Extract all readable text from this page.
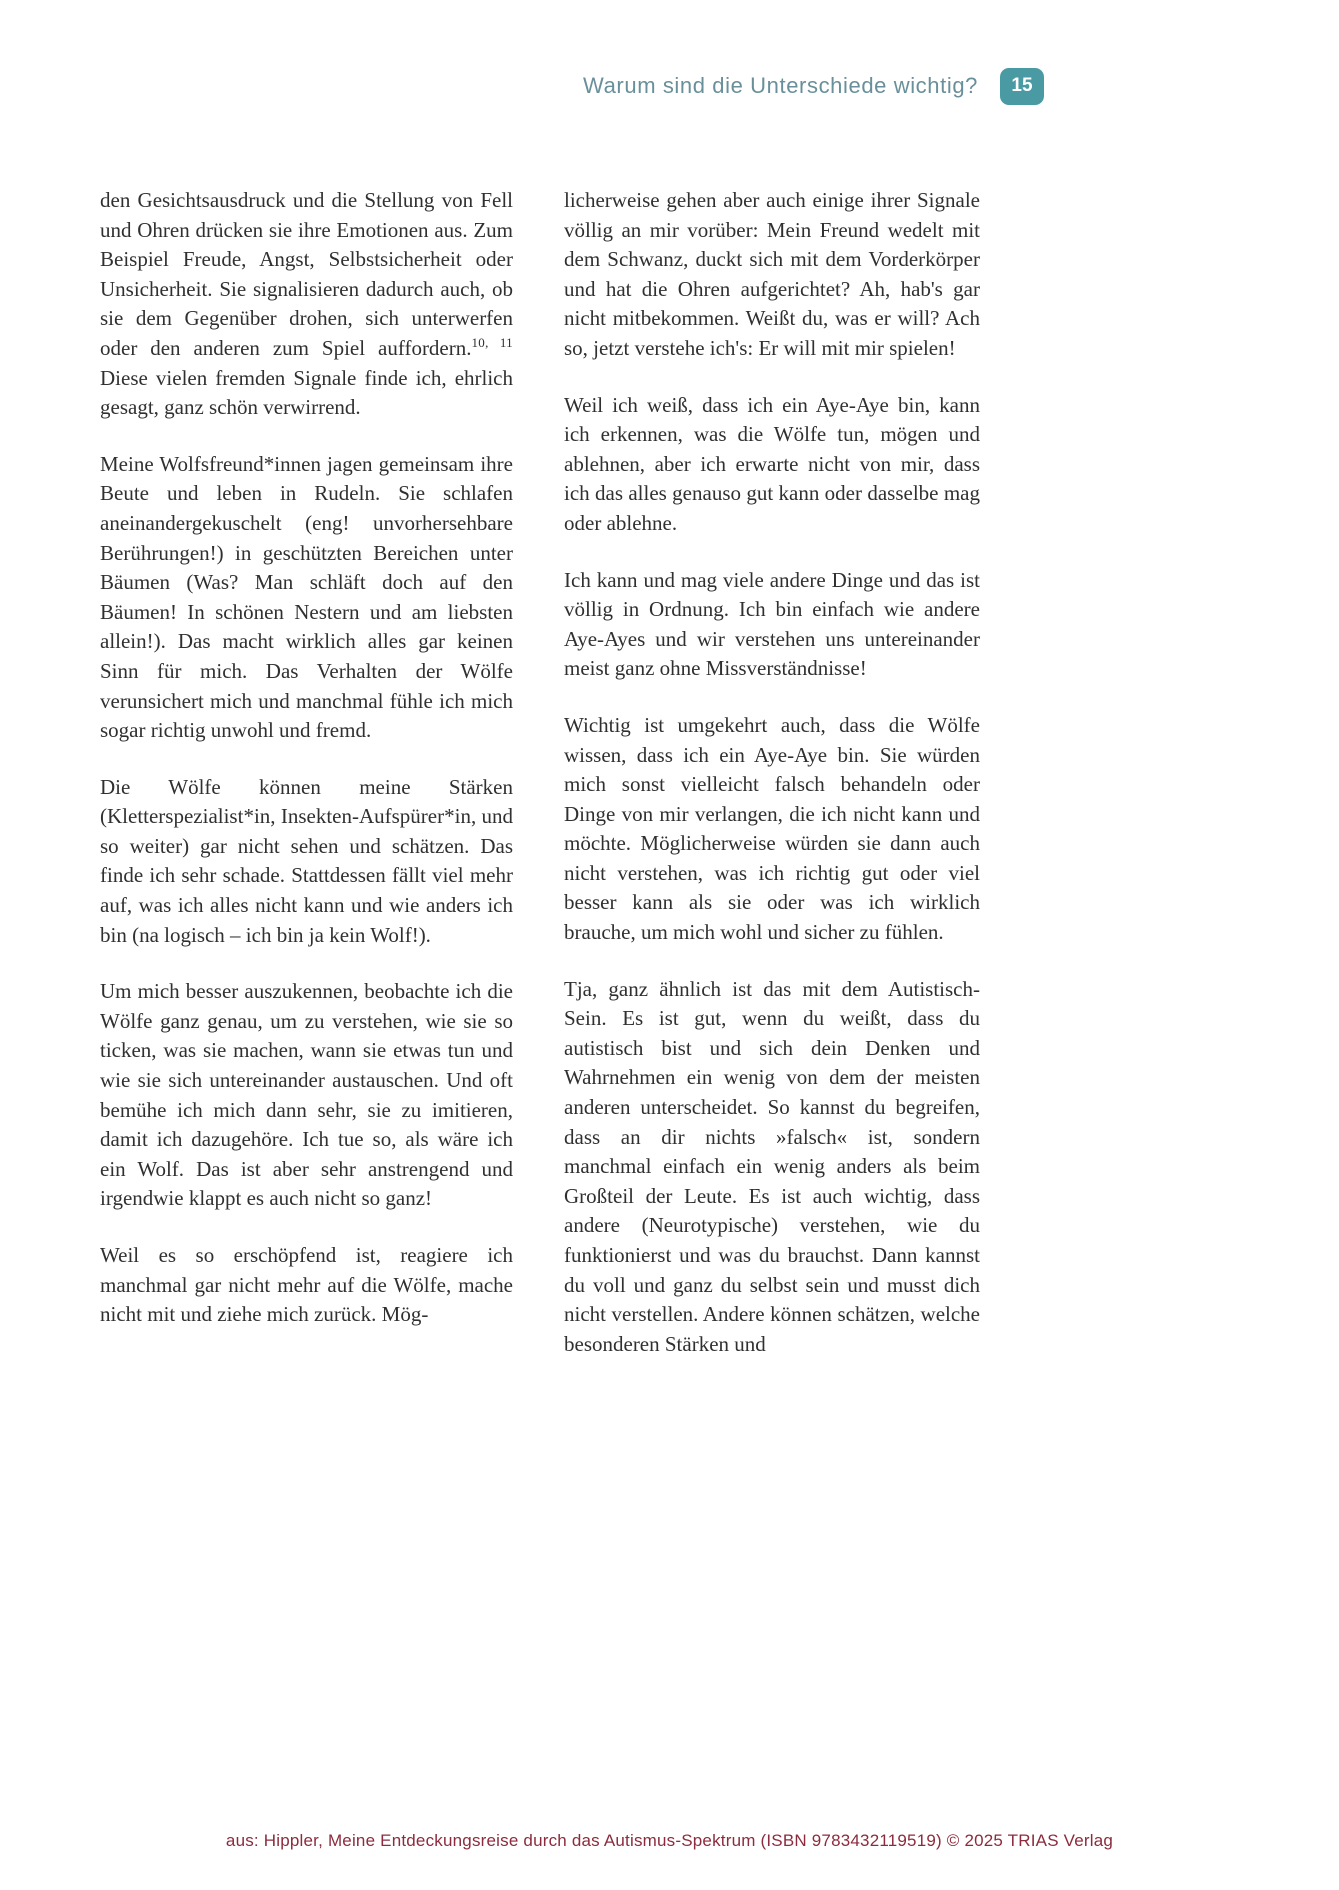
Warum sind die Unterschiede wichtig? 15

den Gesichtsausdruck und die Stellung von Fell und Ohren drücken sie ihre Emotionen aus. Zum Beispiel Freude, Angst, Selbstsicherheit oder Unsicherheit. Sie signalisieren dadurch auch, ob sie dem Gegenüber drohen, sich unterwerfen oder den anderen zum Spiel auffordern.$^{10, 11}$ Diese vielen fremden Signale finde ich, ehrlich gesagt, ganz schön verwirrend.

Meine Wolfsfreund*innen jagen gemeinsam ihre Beute und leben in Rudeln. Sie schlafen aneinandergekuschelt (eng! unvorhersehbare Berührungen!) in geschützten Bereichen unter Bäumen (Was? Man schläft doch auf den Bäumen! In schönen Nestern und am liebsten allein!). Das macht wirklich alles gar keinen Sinn für mich. Das Verhalten der Wölfe verunsichert mich und manchmal fühle ich mich sogar richtig unwohl und fremd.

Die Wölfe können meine Stärken (Kletterspezialist*in, Insekten-Aufspürer*in, und so weiter) gar nicht sehen und schätzen. Das finde ich sehr schade. Stattdessen fällt viel mehr auf, was ich alles nicht kann und wie anders ich bin (na logisch – ich bin ja kein Wolf!).

Um mich besser auszukennen, beobachte ich die Wölfe ganz genau, um zu verstehen, wie sie so ticken, was sie machen, wann sie etwas tun und wie sie sich untereinander austauschen. Und oft bemühe ich mich dann sehr, sie zu imitieren, damit ich dazugehöre. Ich tue so, als wäre ich ein Wolf. Das ist aber sehr anstrengend und irgendwie klappt es auch nicht so ganz!

Weil es so erschöpfend ist, reagiere ich manchmal gar nicht mehr auf die Wölfe, mache nicht mit und ziehe mich zurück. Mög-

licherweise gehen aber auch einige ihrer Signale völlig an mir vorüber: Mein Freund wedelt mit dem Schwanz, duckt sich mit dem Vorderkörper und hat die Ohren aufgerichtet? Ah, hab's gar nicht mitbekommen. Weißt du, was er will? Ach so, jetzt verstehe ich's: Er will mit mir spielen!

Weil ich weiß, dass ich ein Aye-Aye bin, kann ich erkennen, was die Wölfe tun, mögen und ablehnen, aber ich erwarte nicht von mir, dass ich das alles genauso gut kann oder dasselbe mag oder ablehne.

Ich kann und mag viele andere Dinge und das ist völlig in Ordnung. Ich bin einfach wie andere Aye-Ayes und wir verstehen uns untereinander meist ganz ohne Missverständnisse!

Wichtig ist umgekehrt auch, dass die Wölfe wissen, dass ich ein Aye-Aye bin. Sie würden mich sonst vielleicht falsch behandeln oder Dinge von mir verlangen, die ich nicht kann und möchte. Möglicherweise würden sie dann auch nicht verstehen, was ich richtig gut oder viel besser kann als sie oder was ich wirklich brauche, um mich wohl und sicher zu fühlen.

Tja, ganz ähnlich ist das mit dem Autistisch-Sein. Es ist gut, wenn du weißt, dass du autistisch bist und sich dein Denken und Wahrnehmen ein wenig von dem der meisten anderen unterscheidet. So kannst du begreifen, dass an dir nichts »falsch« ist, sondern manchmal einfach ein wenig anders als beim Großteil der Leute. Es ist auch wichtig, dass andere (Neurotypische) verstehen, wie du funktionierst und was du brauchst. Dann kannst du voll und ganz du selbst sein und musst dich nicht verstellen. Andere können schätzen, welche besonderen Stärken und

aus: Hippler, Meine Entdeckungsreise durch das Autismus-Spektrum (ISBN 9783432119519) © 2025 TRIAS Verlag
